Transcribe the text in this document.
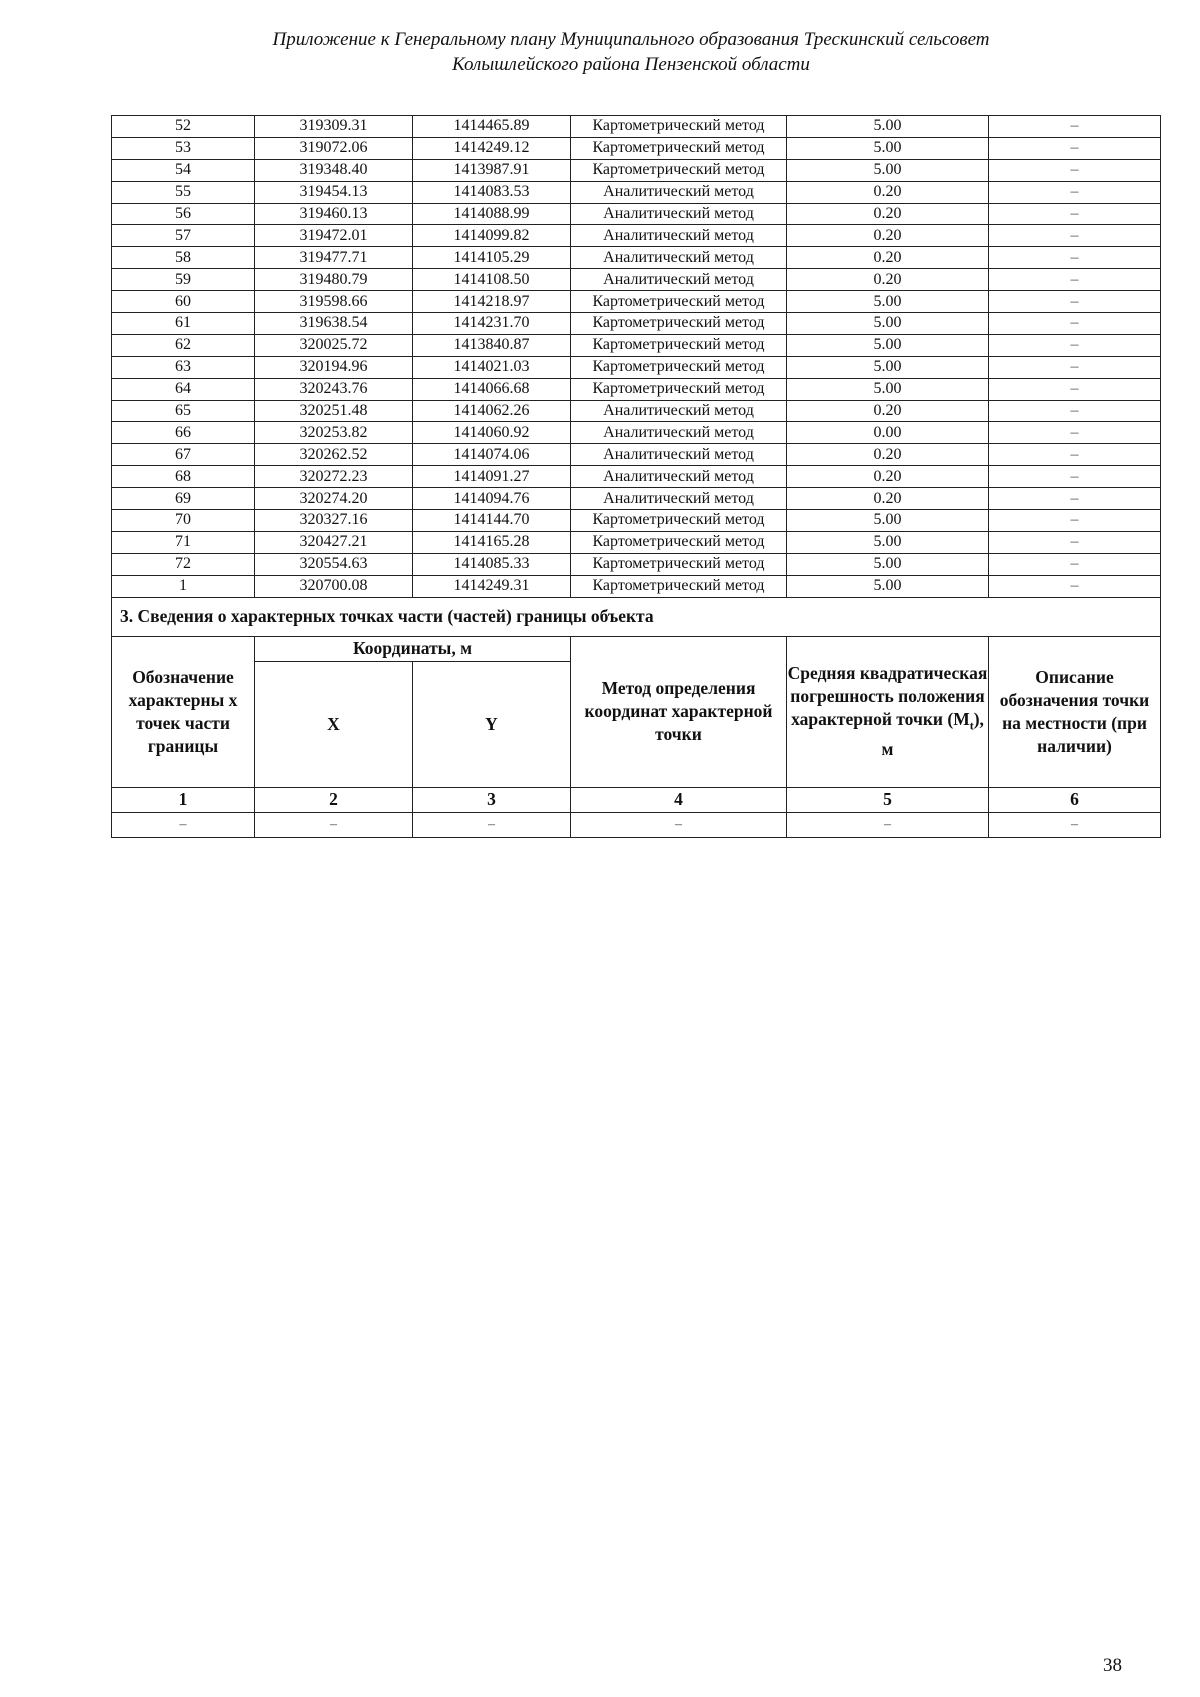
Приложение к Генеральному плану Муниципального образования Трескинский сельсовет
Колышлейского района Пензенской области
52	319309.31	1414465.89	Картометрический метод	5.00	–
53	319072.06	1414249.12	Картометрический метод	5.00	–
54	319348.40	1413987.91	Картометрический метод	5.00	–
55	319454.13	1414083.53	Аналитический метод	0.20	–
56	319460.13	1414088.99	Аналитический метод	0.20	–
57	319472.01	1414099.82	Аналитический метод	0.20	–
58	319477.71	1414105.29	Аналитический метод	0.20	–
59	319480.79	1414108.50	Аналитический метод	0.20	–
60	319598.66	1414218.97	Картометрический метод	5.00	–
61	319638.54	1414231.70	Картометрический метод	5.00	–
62	320025.72	1413840.87	Картометрический метод	5.00	–
63	320194.96	1414021.03	Картометрический метод	5.00	–
64	320243.76	1414066.68	Картометрический метод	5.00	–
65	320251.48	1414062.26	Аналитический метод	0.20	–
66	320253.82	1414060.92	Аналитический метод	0.00	–
67	320262.52	1414074.06	Аналитический метод	0.20	–
68	320272.23	1414091.27	Аналитический метод	0.20	–
69	320274.20	1414094.76	Аналитический метод	0.20	–
70	320327.16	1414144.70	Картометрический метод	5.00	–
71	320427.21	1414165.28	Картометрический метод	5.00	–
72	320554.63	1414085.33	Картометрический метод	5.00	–
1	320700.08	1414249.31	Картометрический метод	5.00	–
3. Сведения о характерных точках части (частей) границы объекта					
Обозначение характерны х точек части границы	Координаты, м		Метод определения координат характерной точки	Средняя квадратическая погрешность положения характерной точки $(M_t)$, м	Описание обозначения точки на местности (при наличии)
	X	Y			
1	2	3	4	5	6
–	–	–	–	–	–
38
